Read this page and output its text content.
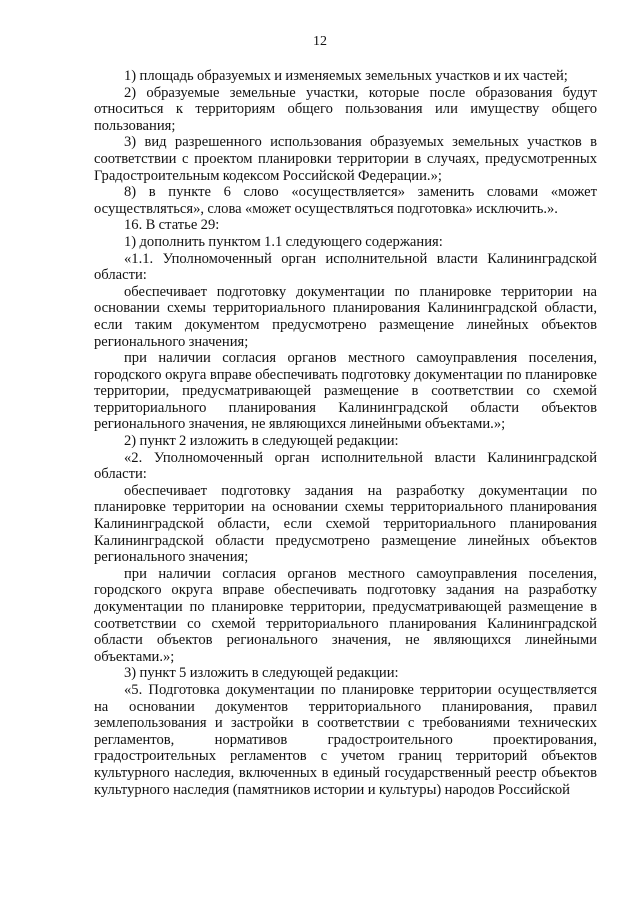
12

1) площадь образуемых и изменяемых земельных участков и их частей;

2) образуемые земельные участки, которые после образования будут относиться к территориям общего пользования или имуществу общего пользования;

3) вид разрешенного использования образуемых земельных участков в соответствии с проектом планировки территории в случаях, предусмотренных Градостроительным кодексом Российской Федерации.»;

8) в пункте 6 слово «осуществляется» заменить словами «может осуществляться», слова «может осуществляться подготовка» исключить.».

16. В статье 29:

1) дополнить пунктом 1.1 следующего содержания:

«1.1. Уполномоченный орган исполнительной власти Калининградской области:

обеспечивает подготовку документации по планировке территории на основании схемы территориального планирования Калининградской области, если таким документом предусмотрено размещение линейных объектов регионального значения;

при наличии согласия органов местного самоуправления поселения, городского округа вправе обеспечивать подготовку документации по планировке территории, предусматривающей размещение в соответствии со схемой территориального планирования Калининградской области объектов регионального значения, не являющихся линейными объектами.»;

2) пункт 2 изложить в следующей редакции:

«2. Уполномоченный орган исполнительной власти Калининградской области:

обеспечивает подготовку задания на разработку документации по планировке территории на основании схемы территориального планирования Калининградской области, если схемой территориального планирования Калининградской области предусмотрено размещение линейных объектов регионального значения;

при наличии согласия органов местного самоуправления поселения, городского округа вправе обеспечивать подготовку задания на разработку документации по планировке территории, предусматривающей размещение в соответствии со схемой территориального планирования Калининградской области объектов регионального значения, не являющихся линейными объектами.»;

3) пункт 5 изложить в следующей редакции:

«5. Подготовка документации по планировке территории осуществляется на основании документов территориального планирования, правил землепользования и застройки в соответствии с требованиями технических регламентов, нормативов градостроительного проектирования, градостроительных регламентов с учетом границ территорий объектов культурного наследия, включенных в единый государственный реестр объектов культурного наследия (памятников истории и культуры) народов Российской
